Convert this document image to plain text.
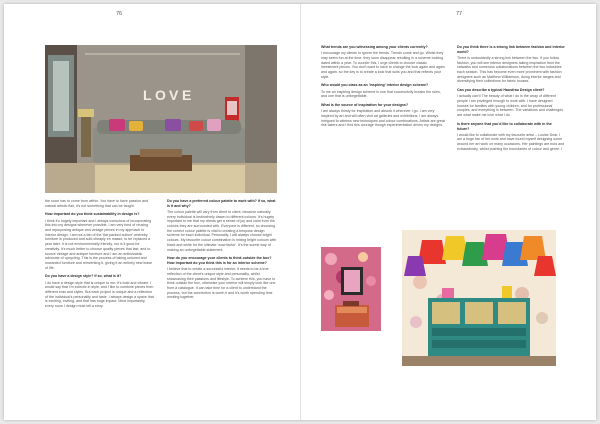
76	77
L O V E

the room has to come from within. You have to have passion and natural artistic flair, it's not something that can be taught.

How important do you think sustainability in design is?

I think it's hugely important and I always conscious of incorporating this into my designs wherever possible. I am very fond of reusing and repurposing antique and vintage pieces in my approach to interior design. I am not a fan of the 'flat packed culture' whereby furniture is produced and sold cheaply en masse, to be replaced a year later. It is not environmentally friendly, nor is it good for creativity. It's much better to choose quality pieces that last, and to source vintage and antique furniture and I am an enthusiastic advocate of upcycling. This is the process of taking unloved and unwanted furniture and reinventing it, giving it an entirely new lease of life.

Do you have a design style? If so, what is it?

I do have a design style that is unique to me. It's bold and vibrant. I would say that I'm eclectic in style, and I like to combine pieces from different eras and styles. But each project is unique and a reflection of the individual's personality and taste. I always design a space that is exciting, inviting, and that has huge impact. Most importantly, every room I design must tell a story.

Do you have a preferred colour palette to work with? If so, what is it and why?

The colour palette will vary from client to client, because naturally every individual is instinctively drawn to different colours. It's hugely important to me that my clients get a sense of joy and calm from the colours they are surrounded with. Everyone is different, so choosing the correct colour palette is vital to creating a bespoke design scheme for each individual. Personally, I will always choose bright colours. My favourite colour combination is mixing bright colours with black and white for the ultimate 'wow factor'. It's the surest way of making an unforgettable statement.

How do you encourage your clients to think outside the box? How important do you think this is for an interior scheme?

I believe that to create a successful interior, it needs to be a true reflection of the client's unique style and personality, whilst showcasing their passions and lifestyle. To achieve this, you have to think outside the box, otherwise your interior will simply look like one from a catalogue. It can take time for a client to understand the process, but the connection is worth it and it's worth spending time working together.

What trends are you witnessing among your clients currently?

I encourage my clients to ignore the trends. Trends come and go. Whilst they may seem fun at the time, they soon disappear resulting in a scheme looking dated within a year. To counter this, I urge clients to choose classic investment pieces. You don't want to have to change the look again and again and again, so the key is to create a look that suits you and that reflects your style.

Who would you class as an 'inspiring' interior design scheme?

To me an inspiring design scheme is one that successfully breaks the rules, and one that is unforgettable.

What is the source of inspiration for your designs?

I am always thirsty for inspiration and absorb it wherever I go. I am very inspired by art and will often visit art galleries and exhibitions. I am always intrigued to witness new techniques and colour combinations. Artists are great risk takers and I find this courage though experimentation drives my designs.

Do you think there is a strong link between fashion and interior world?

There is undoubtedly a strong link between the two. If you follow fashion, you will see interior designers taking inspiration from the catwalks and numerous collaborations between the two industries each season. This has become even more prominent with fashion designers such as Matthew Williamson, doing interior ranges and diversifying their collections for fabric houses.

Can you describe a typical Hausfrau Design client?

I actually can't! The beauty of what I do is the array of different people I am privileged enough to work with. I have designed houses for families with young children, and for professional couples, and everything in between. The variations and challenges are what make me love what I do.

Is there anyone that you'd like to collaborate with in the future?

I would like to collaborate with my favourite artist – Louise Dear. I am a huge fan of her work and have found myself designing some around her art work on many occasions. Her paintings are bold and extraordinary, whilst pushing the boundaries of colour and genre. I
